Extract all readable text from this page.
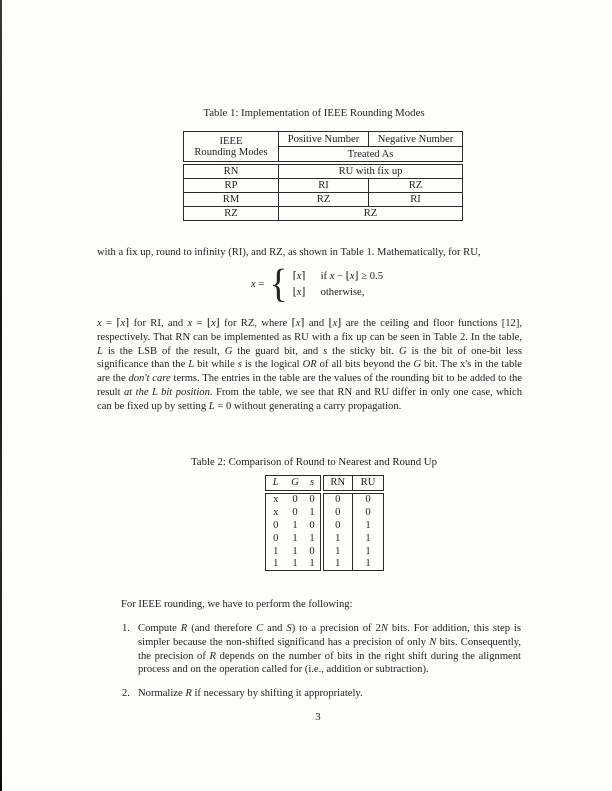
Table 1: Implementation of IEEE Rounding Modes
IEEE
Rounding Modes
	Positive Number	Negative Number
Treated As
RN	RU with fix up	
RP	RI	RZ
RM	RZ	RI
RZ	RZ	
with a fix up, round to infinity (RI), and RZ, as shown in Table 1. Mathematically, for RU,
x = { ⌈x⌉ if x − ⌊x⌋ ≥ 0.5
⌊x⌋ otherwise,
x = ⌈x⌉ for RI, and x = ⌊x⌋ for RZ, where ⌈x⌉ and ⌊x⌋ are the ceiling and floor functions [12], respectively. That RN can be implemented as RU with a fix up can be seen in Table 2. In the table, L is the LSB of the result, G the guard bit, and s the sticky bit. G is the bit of one-bit less significance than the L bit while s is the logical OR of all bits beyond the G bit. The x's in the table are the don't care terms. The entries in the table are the values of the rounding bit to be added to the result at the L bit position. From the table, we see that RN and RU differ in only one case, which can be fixed up by setting L = 0 without generating a carry propagation.
Table 2: Comparison of Round to Nearest and Round Up
L	G	s	RN	RU
x	0	0	0	0
x	0	1	0	0
0	1	0	0	1
0	1	1	1	1
1	1	0	1	1
1	1	1	1	1
For IEEE rounding, we have to perform the following:
1. Compute R (and therefore C and S) to a precision of 2N bits. For addition, this step is simpler because the non-shifted significand has a precision of only N bits. Consequently, the precision of R depends on the number of bits in the right shift during the alignment process and on the operation called for (i.e., addition or subtraction).
2. Normalize R if necessary by shifting it appropriately.
3
